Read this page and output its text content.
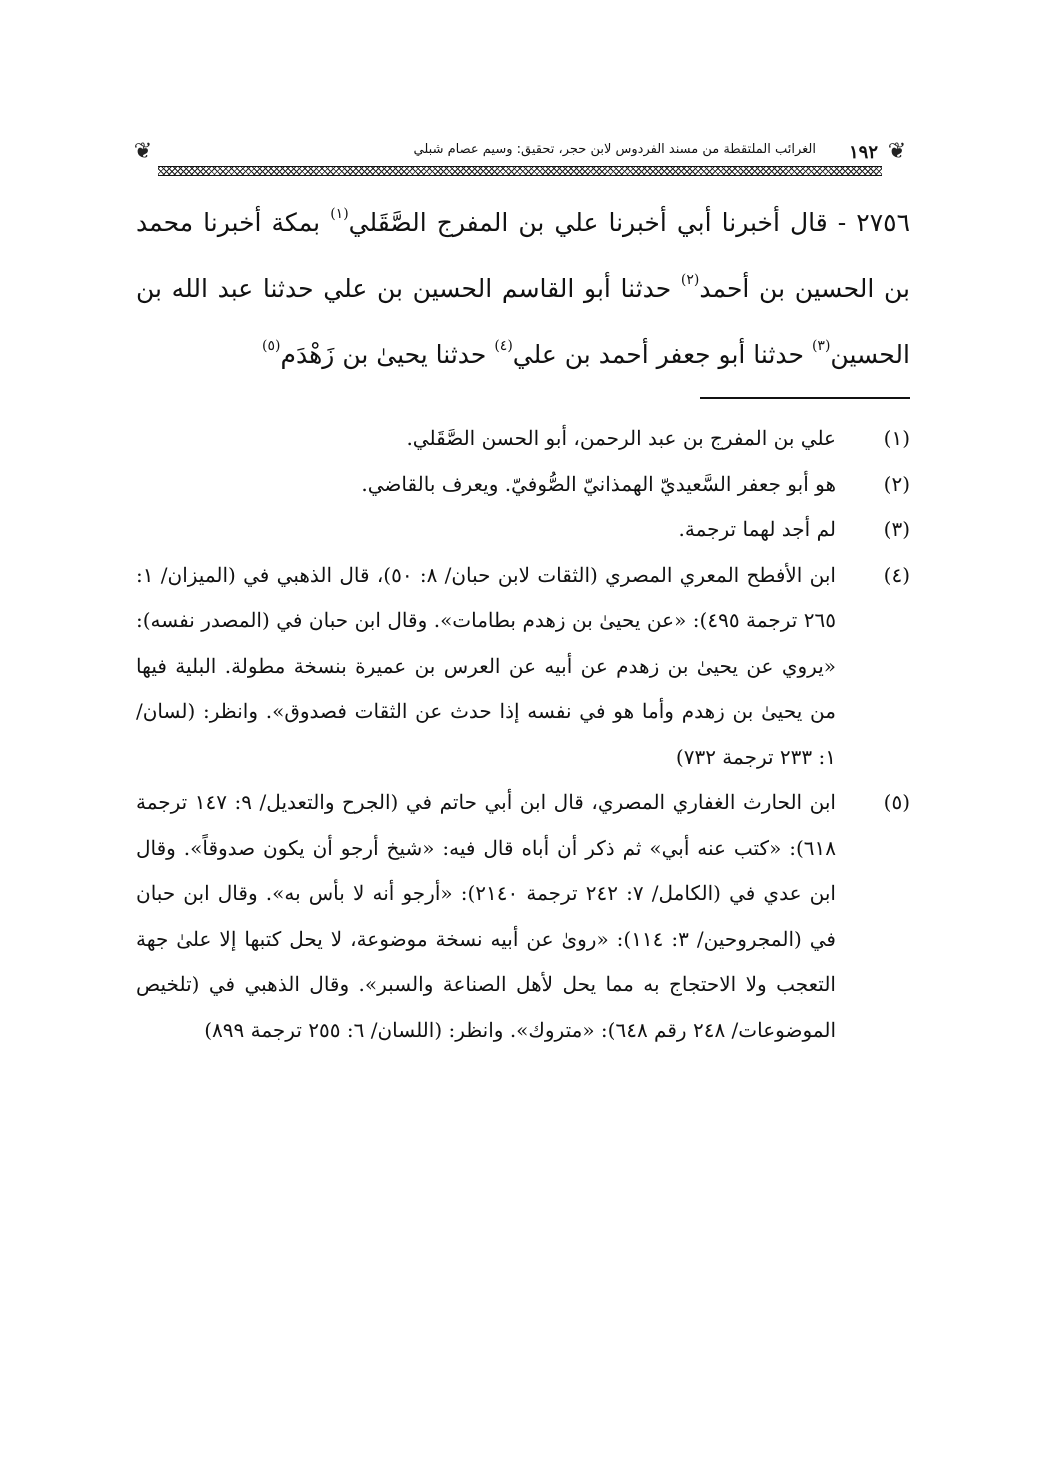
❦
١٩٢
الغرائب الملتقطة من مسند الفردوس لابن حجر، تحقيق: وسيم عصام شبلي
❦

٢٧٥٦ - قال أخبرنا أبي أخبرنا علي بن المفرج الصَّقَلي$^{(١)}$ بمكة أخبرنا محمد بن الحسين بن أحمد$^{(٢)}$ حدثنا أبو القاسم الحسين بن علي حدثنا عبد الله بن الحسين$^{(٣)}$ حدثنا أبو جعفر أحمد بن علي$^{(٤)}$ حدثنا يحيىٰ بن زَهْدَم$^{(٥)}$

(١)
علي بن المفرج بن عبد الرحمن، أبو الحسن الصَّقَلي.
(٢)
هو أبو جعفر السَّعيديّ الهمذانيّ الصُّوفيّ. ويعرف بالقاضي.
(٣)
لم أجد لهما ترجمة.
(٤)
ابن الأفطح المعري المصري (الثقات لابن حبان/ ٨: ٥٠)، قال الذهبي في (الميزان/ ١: ٢٦٥ ترجمة ٤٩٥): «عن يحيىٰ بن زهدم بطامات». وقال ابن حبان في (المصدر نفسه): «يروي عن يحيىٰ بن زهدم عن أبيه عن العرس بن عميرة بنسخة مطولة. البلية فيها من يحيىٰ بن زهدم وأما هو في نفسه إذا حدث عن الثقات فصدوق». وانظر: (لسان/ ١: ٢٣٣ ترجمة ٧٣٢)
(٥)
ابن الحارث الغفاري المصري، قال ابن أبي حاتم في (الجرح والتعديل/ ٩: ١٤٧ ترجمة ٦١٨): «كتب عنه أبي» ثم ذكر أن أباه قال فيه: «شيخ أرجو أن يكون صدوقاً». وقال ابن عدي في (الكامل/ ٧: ٢٤٢ ترجمة ٢١٤٠): «أرجو أنه لا بأس به». وقال ابن حبان في (المجروحين/ ٣: ١١٤): «روىٰ عن أبيه نسخة موضوعة، لا يحل كتبها إلا علىٰ جهة التعجب ولا الاحتجاج به مما يحل لأهل الصناعة والسبر». وقال الذهبي في (تلخيص الموضوعات/ ٢٤٨ رقم ٦٤٨): «متروك». وانظر: (اللسان/ ٦: ٢٥٥ ترجمة ٨٩٩)
